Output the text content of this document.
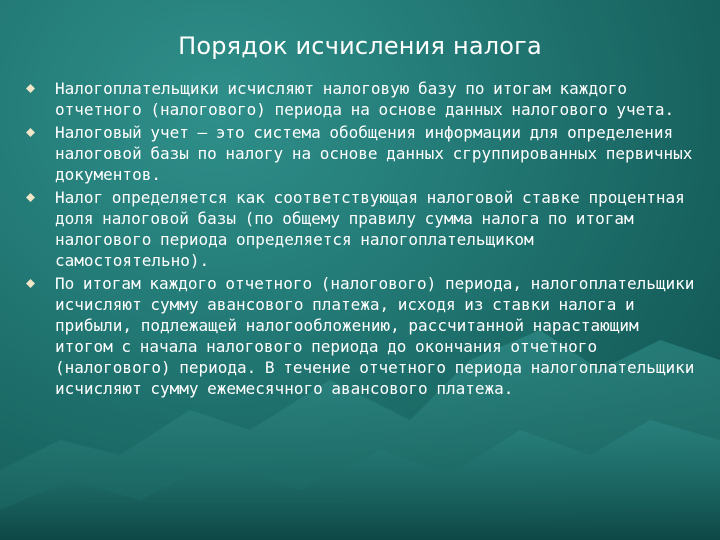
Порядок исчисления налога
Налогоплательщики исчисляют налоговую базу по итогам каждого отчетного (налогового) периода на основе данных налогового учета.
Налоговый учет – это система обобщения информации для определения налоговой базы по налогу на основе данных сгруппированных первичных документов.
Налог определяется как соответствующая налоговой ставке процентная доля налоговой базы (по общему правилу сумма налога по итогам налогового периода определяется налогоплательщиком самостоятельно).
По итогам каждого отчетного (налогового) периода, налогоплательщики исчисляют сумму авансового платежа, исходя из ставки налога и прибыли, подлежащей налогообложению, рассчитанной нарастающим итогом с начала налогового периода до окончания отчетного (налогового) периода. В течение отчетного периода налогоплательщики исчисляют сумму ежемесячного авансового платежа.
